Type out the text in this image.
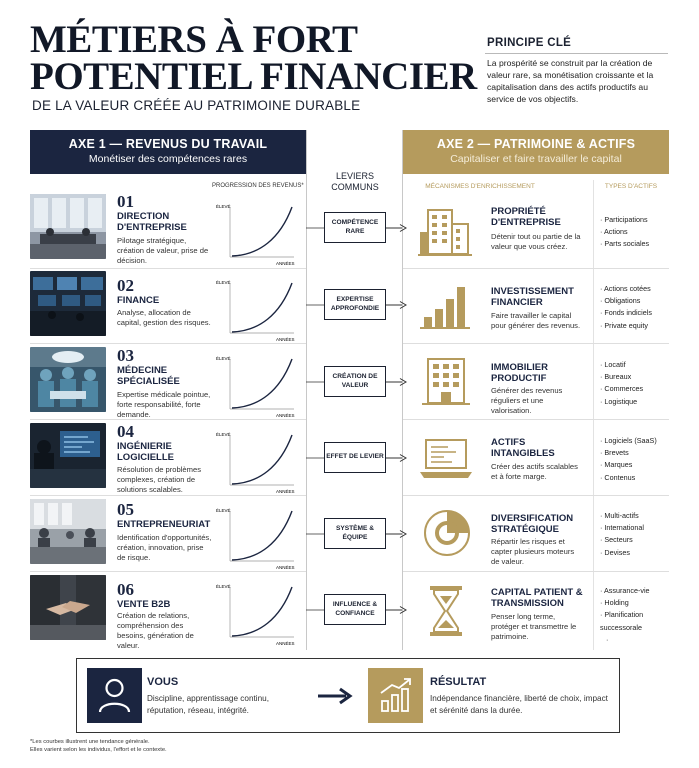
MÉTIERS À FORT
POTENTIEL FINANCIER
DE LA VALEUR CRÉÉE AU PATRIMOINE DURABLE
PRINCIPE CLÉ
La prospérité se construit par la création de valeur rare, sa monétisation croissante et la capitalisation dans des actifs productifs au service de vos objectifs.
AXE 1 — REVENUS DU TRAVAIL
Monétiser des compétences rares
AXE 2 — PATRIMOINE & ACTIFS
Capitaliser et faire travailler le capital
PROGRESSION DES REVENUS*
LEVIERS
COMMUNS	MÉCANISMES D'ENRICHISSEMENT	TYPES D'ACTIFS
01
DIRECTION D'ENTREPRISE
Pilotage stratégique, création de valeur, prise de décision.
ÉLEVÉ
ANNÉES
COMPÉTENCE RARE
PROPRIÉTÉ D'ENTREPRISE
Détenir tout ou partie de la valeur que vous créez.
· Participations
· Actions
· Parts sociales
02
FINANCE
Analyse, allocation de capital, gestion des risques.
ÉLEVÉ
ANNÉES
EXPERTISE APPROFONDIE
INVESTISSEMENT FINANCIER
Faire travailler le capital pour générer des revenus.
· Actions cotées
· Obligations
· Fonds indiciels
· Private equity
03
MÉDECINE SPÉCIALISÉE
Expertise médicale pointue, forte responsabilité, forte demande.
ÉLEVÉ
ANNÉES
CRÉATION DE VALEUR
IMMOBILIER PRODUCTIF
Générer des revenus réguliers et une valorisation.
· Locatif
· Bureaux
· Commerces
· Logistique
04
INGÉNIERIE LOGICIELLE
Résolution de problèmes complexes, création de solutions scalables.
ÉLEVÉ
ANNÉES
EFFET DE LEVIER
ACTIFS INTANGIBLES
Créer des actifs scalables et à forte marge.
· Logiciels (SaaS)
· Brevets
· Marques
· Contenus
05
ENTREPRENEURIAT
Identification d'opportunités, création, innovation, prise de risque.
ÉLEVÉ
ANNÉES
SYSTÈME & ÉQUIPE
DIVERSIFICATION STRATÉGIQUE
Répartir les risques et capter plusieurs moteurs de valeur.
· Multi-actifs
· International
· Secteurs
· Devises
06
VENTE B2B
Création de relations, compréhension des besoins, génération de valeur.
ÉLEVÉ
ANNÉES
INFLUENCE & CONFIANCE
CAPITAL PATIENT & TRANSMISSION
Penser long terme, protéger et transmettre le patrimoine.
· Assurance-vie
· Holding
· Planification successorale
·
VOUS
Discipline, apprentissage continu, réputation, réseau, intégrité.
RÉSULTAT
Indépendance financière, liberté de choix, impact et sérénité dans la durée.
*Les courbes illustrent une tendance générale.
Elles varient selon les individus, l'effort et le contexte.
